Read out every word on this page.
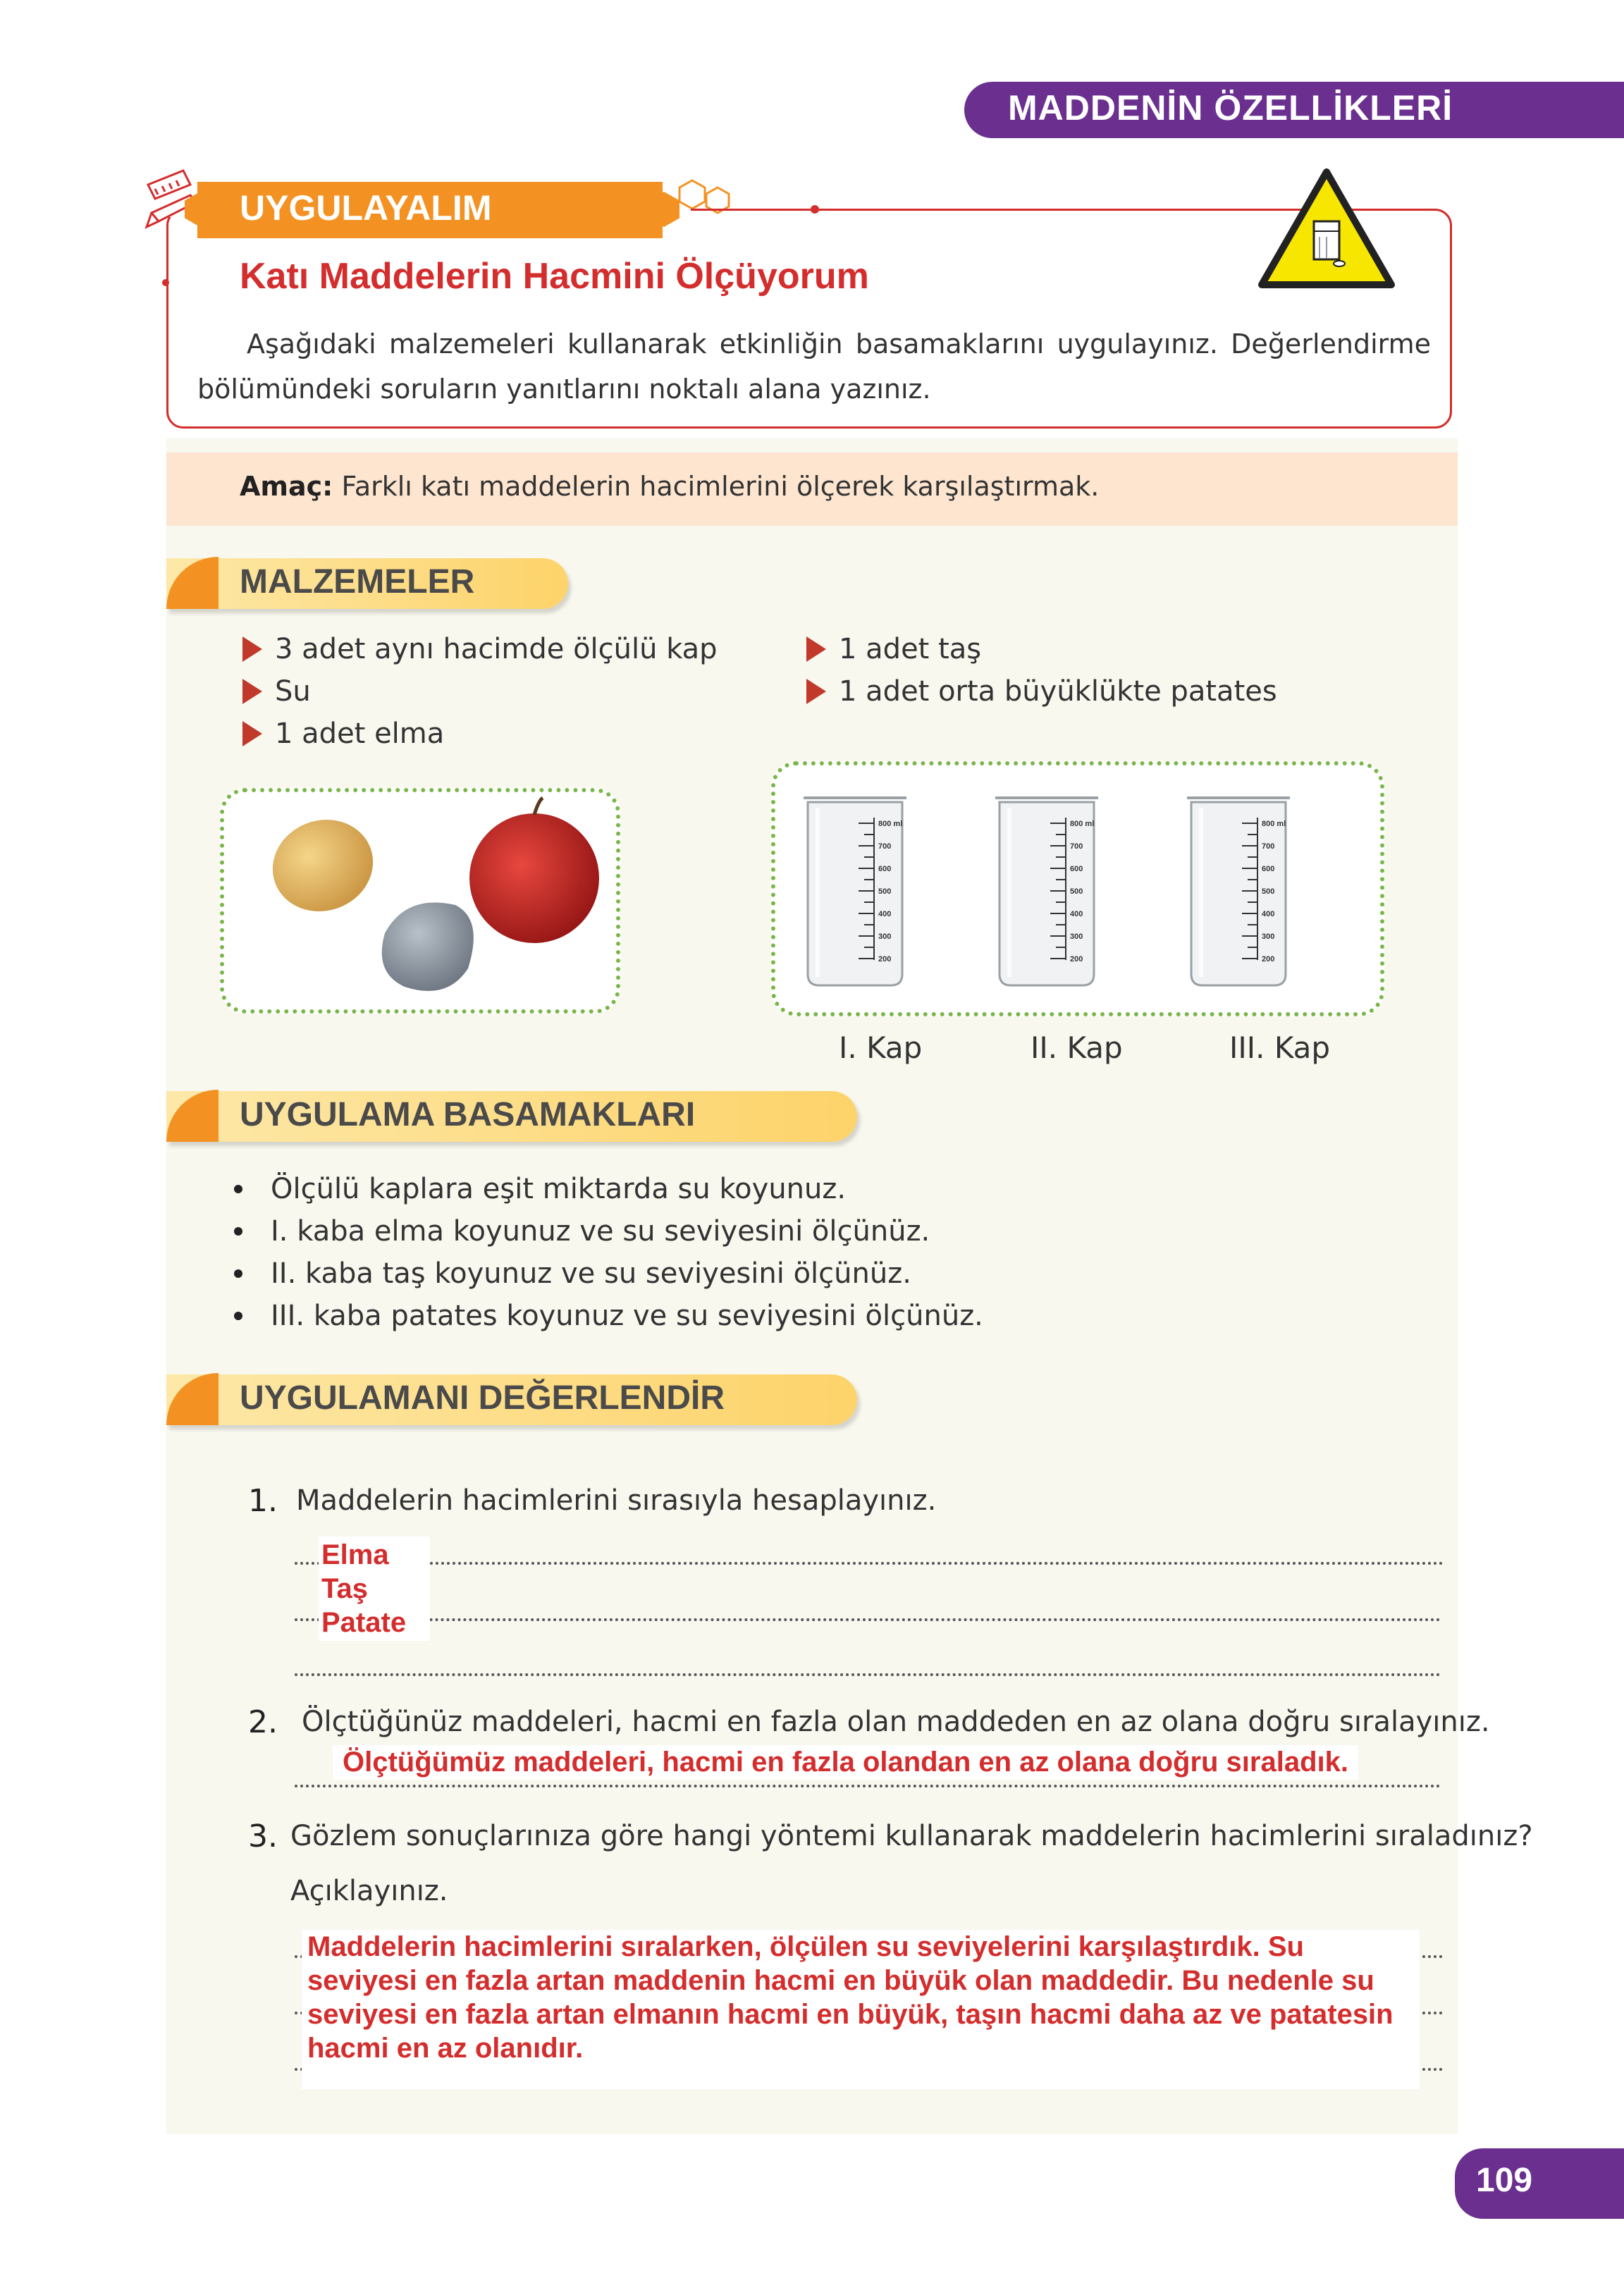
MADDENİN ÖZELLİKLERİ
UYGULAYALIM
Katı Maddelerin Hacmini Ölçüyorum
Aşağıdaki malzemeleri kullanarak etkinliğin basamaklarını uygulayınız. Değerlendirme bölümündeki soruların yanıtlarını noktalı alana yazınız.
Amaç: Farklı katı maddelerin hacimlerini ölçerek karşılaştırmak.
MALZEMELER
3 adet aynı hacimde ölçülü kap
Su
1 adet elma
1 adet taş
1 adet orta büyüklükte patates
800 ml
700
600
500
400
300
200
I. Kap	II. Kap	III. Kap
UYGULAMA BASAMAKLARI
Ölçülü kaplara eşit miktarda su koyunuz.
I. kaba elma koyunuz ve su seviyesini ölçünüz.
II. kaba taş koyunuz ve su seviyesini ölçünüz.
III. kaba patates koyunuz ve su seviyesini ölçünüz.
UYGULAMANI DEĞERLENDİR
1. Maddelerin hacimlerini sırasıyla hesaplayınız.
Elma
Taş
Patate
2. Ölçtüğünüz maddeleri, hacmi en fazla olan maddeden en az olana doğru sıralayınız.
Ölçtüğümüz maddeleri, hacmi en fazla olandan en az olana doğru sıraladık.
3. Gözlem sonuçlarınıza göre hangi yöntemi kullanarak maddelerin hacimlerini sıraladınız?
Açıklayınız.
Maddelerin hacimlerini sıralarken, ölçülen su seviyelerini karşılaştırdık. Su seviyesi en fazla artan maddenin hacmi en büyük olan maddedir. Bu nedenle su seviyesi en fazla artan elmanın hacmi en büyük, taşın hacmi daha az ve patatesin hacmi en az olanıdır.
109
